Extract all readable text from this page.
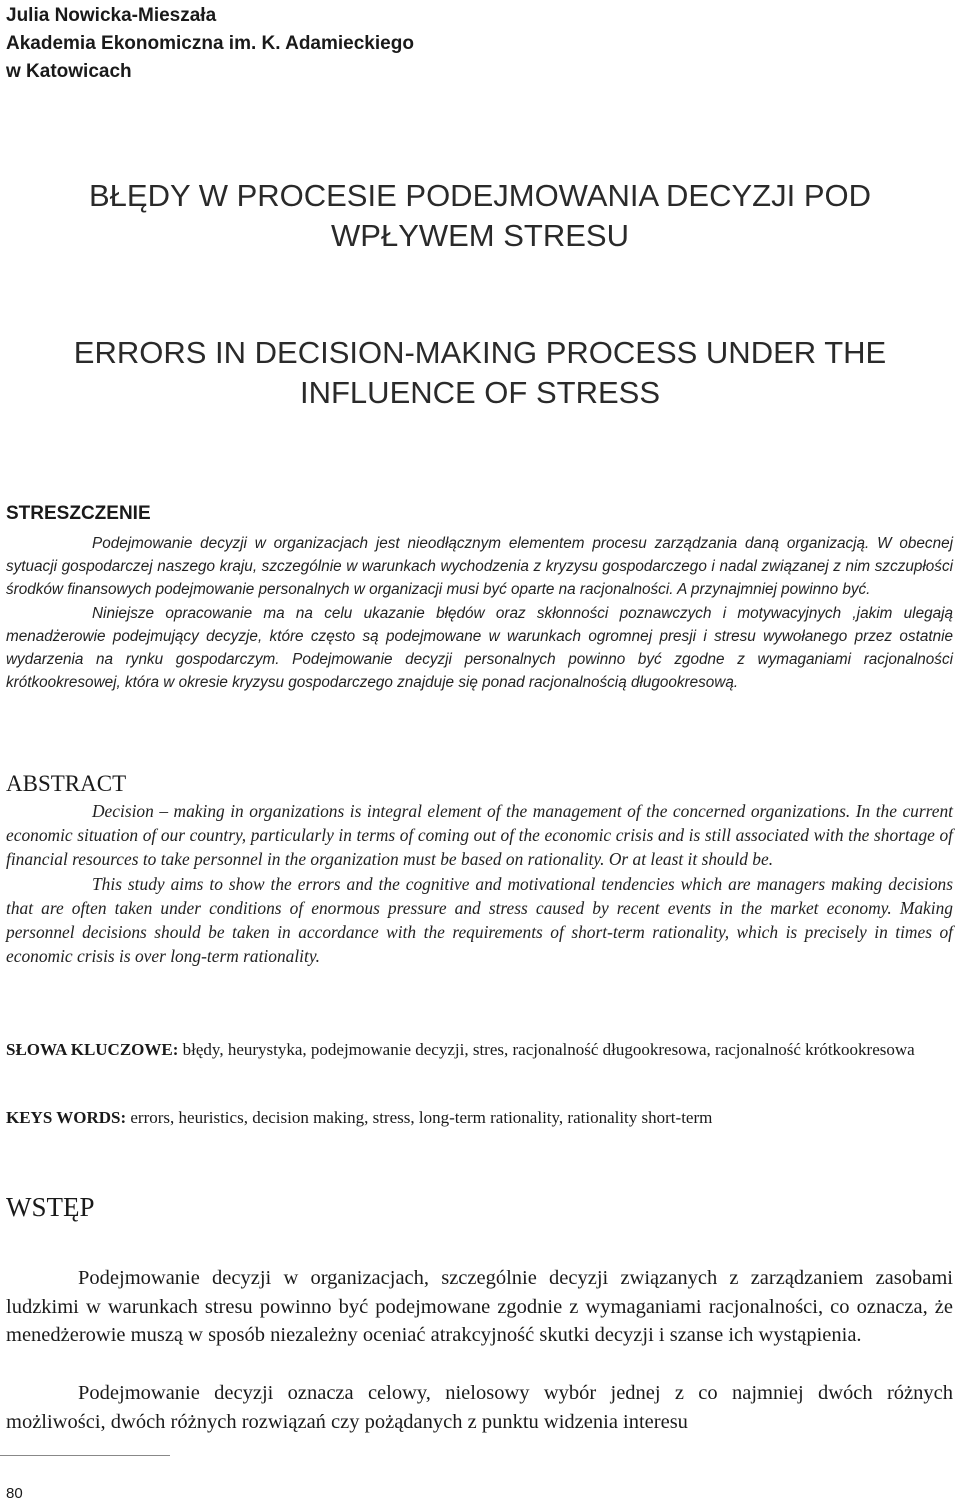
Julia Nowicka-Mieszała
Akademia Ekonomiczna im. K. Adamieckiego
w Katowicach
BŁĘDY W PROCESIE PODEJMOWANIA DECYZJI POD
WPŁYWEM STRESU
ERRORS IN DECISION-MAKING PROCESS UNDER THE
INFLUENCE OF STRESS
STRESZCZENIE

Podejmowanie decyzji w organizacjach jest nieodłącznym elementem procesu zarządzania daną organizacją. W obecnej sytuacji gospodarczej naszego kraju, szczególnie w warunkach wychodzenia z kryzysu gospodarczego i nadal związanej z nim szczupłości środków finansowych podejmowanie personalnych w organizacji musi być oparte na racjonalności. A przynajmniej powinno być.

Niniejsze opracowanie ma na celu ukazanie błędów oraz skłonności poznawczych i motywacyjnych ,jakim ulegają menadżerowie podejmujący decyzje, które często są podejmowane w warunkach ogromnej presji i stresu wywołanego przez ostatnie wydarzenia na rynku gospodarczym. Podejmowanie decyzji personalnych powinno być zgodne z wymaganiami racjonalności krótkookresowej, która w okresie kryzysu gospodarczego znajduje się ponad racjonalnością długookresową.

ABSTRACT

Decision – making in organizations is integral element of the management of the concerned organizations. In the current economic situation of our country, particularly in terms of coming out of the economic crisis and is still associated with the shortage of financial resources to take personnel in the organization must be based on rationality. Or at least it should be.

This study aims to show the errors and the cognitive and motivational tendencies which are managers making decisions that are often taken under conditions of enormous pressure and stress caused by recent events in the market economy. Making personnel decisions should be taken in accordance with the requirements of short-term rationality, which is precisely in times of economic crisis is over long-term rationality.

SŁOWA KLUCZOWE: błędy, heurystyka, podejmowanie decyzji, stres, racjonalność długookresowa, racjonalność krótkookresowa
KEYS WORDS: errors, heuristics, decision making, stress, long-term rationality, rationality short-term
WSTĘP

Podejmowanie decyzji w organizacjach, szczególnie decyzji związanych z zarządzaniem zasobami ludzkimi w warunkach stresu powinno być podejmowane zgodnie z wymaganiami racjonalności, co oznacza, że menedżerowie muszą w sposób niezależny oceniać atrakcyjność skutki decyzji i szanse ich wystąpienia.

Podejmowanie decyzji oznacza celowy, nielosowy wybór jednej z co najmniej dwóch różnych możliwości, dwóch różnych rozwiązań czy pożądanych z punktu widzenia interesu

80
